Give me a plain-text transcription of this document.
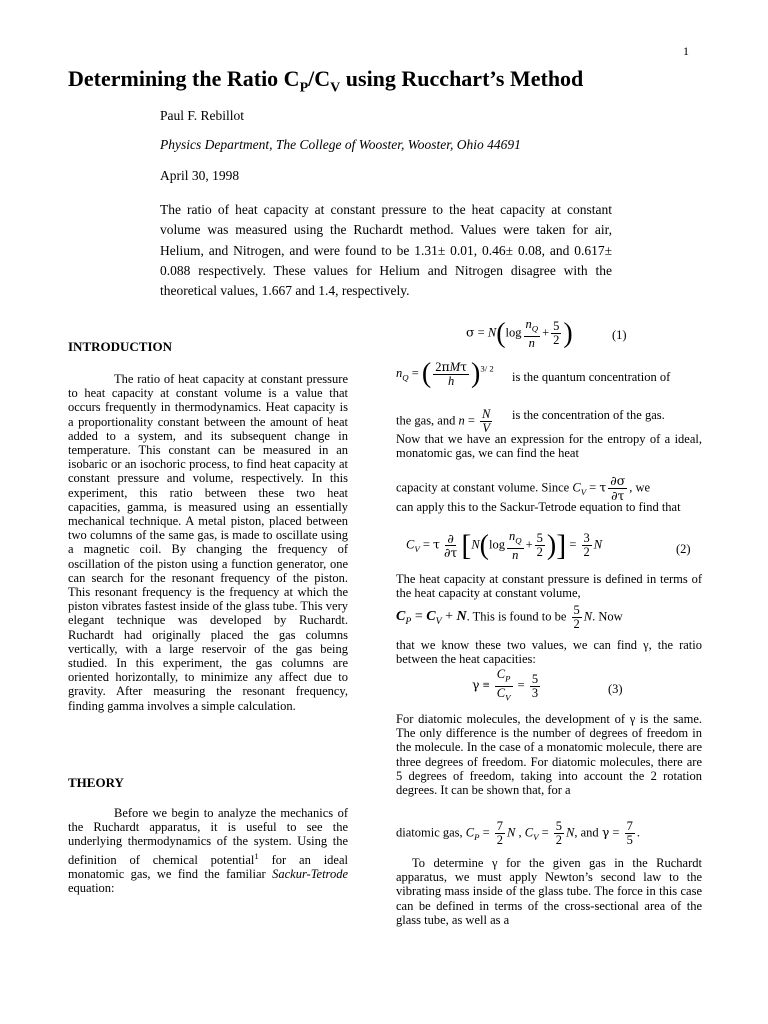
1
Determining the Ratio $C_P/C_V$ using Rucchart’s Method
Paul F. Rebillot
Physics Department, The College of Wooster, Wooster, Ohio 44691
April 30, 1998
The ratio of heat capacity at constant pressure to the heat capacity at constant volume was measured using the Ruchardt method. Values were taken for air, Helium, and Nitrogen, and were found to be 1.31± 0.01, 0.46± 0.08, and 0.617± 0.088 respectively. These values for Helium and Nitrogen disagree with the theoretical values, 1.667 and 1.4, respectively.
INTRODUCTION

The ratio of heat capacity at constant pressure to heat capacity at constant volume is a value that occurs frequently in thermodynamics. Heat capacity is a proportionality constant between the amount of heat added to a system, and its subsequent change in temperature. This constant can be measured in an isobaric or an isochoric process, to find heat capacity at constant pressure and volume, respectively. In this experiment, this ratio between these two heat capacities, gamma, is measured using an essentially mechanical technique. A metal piston, placed between two columns of the same gas, is made to oscillate using a magnetic coil. By changing the frequency of oscillation of the piston using a function generator, one can search for the resonant frequency of the piston. This resonant frequency is the frequency at which the piston vibrates fastest inside of the glass tube. This very elegant technique was developed by Ruchardt. Ruchardt had originally placed the gas columns vertically, with a large reservoir of the gas being studied. In this experiment, the gas columns are oriented horizontally, to minimize any affect due to gravity. After measuring the resonant frequency, finding gamma involves a simple calculation.

THEORY

Before we begin to analyze the mechanics of the Ruchardt apparatus, it is useful to see the underlying thermodynamics of the system. Using the definition of chemical potential$^1$ for an ideal monatomic gas, we find the familiar Sackur-Tetrode equation:

$\sigma = N(\log \frac{n_Q}{n} + \frac{5}{2}$ )	(1)
$n_Q$ = ( $\frac{\text{2πMτ}}{h} )^{3/ 2}$
is the quantum concentration of
the gas, and $n = \frac{N}{V}$ is the concentration of the gas.
Now that we have an expression for the entropy of a ideal, monatomic gas, we can find the heat
capacity at constant volume. Since $C_V = \tau \frac{\partial\sigma}{\partial\tau}$ , we
can apply this to the Sackur-Tetrode equation to find that
$C_V = \tau \frac{\partial}{\partial\tau} [N(\log \frac{n_Q}{n} + \frac{5}{2}$ )] = $\frac{3}{2}$ N	(2)
The heat capacity at constant pressure is defined in terms of the heat capacity at constant volume,
$C_P = C_V + N$. This is found to be $\frac{5}{2} N$. Now
that we know these two values, we can find γ, the ratio between the heat capacities:
$\gamma \equiv \frac{C_P}{C_V} = \frac{5}{3}$	(3)
For diatomic molecules, the development of γ is the same. The only difference is the number of degrees of freedom in the molecule. In the case of a monatomic molecule, there are three degrees of freedom. For diatomic molecules, there are 5 degrees of freedom, taking into account the 2 rotation degrees. It can be shown that, for a
diatomic gas, $C_P = \frac{7}{2}$ N , $C_V = \frac{5}{2} N$, and $\gamma = \frac{7}{5}$ .
To determine γ for the given gas in the Ruchardt apparatus, we must apply Newton’s second law to the vibrating mass inside of the glass tube. The force in this case can be defined in terms of the cross-sectional area of the glass tube, as well as a
